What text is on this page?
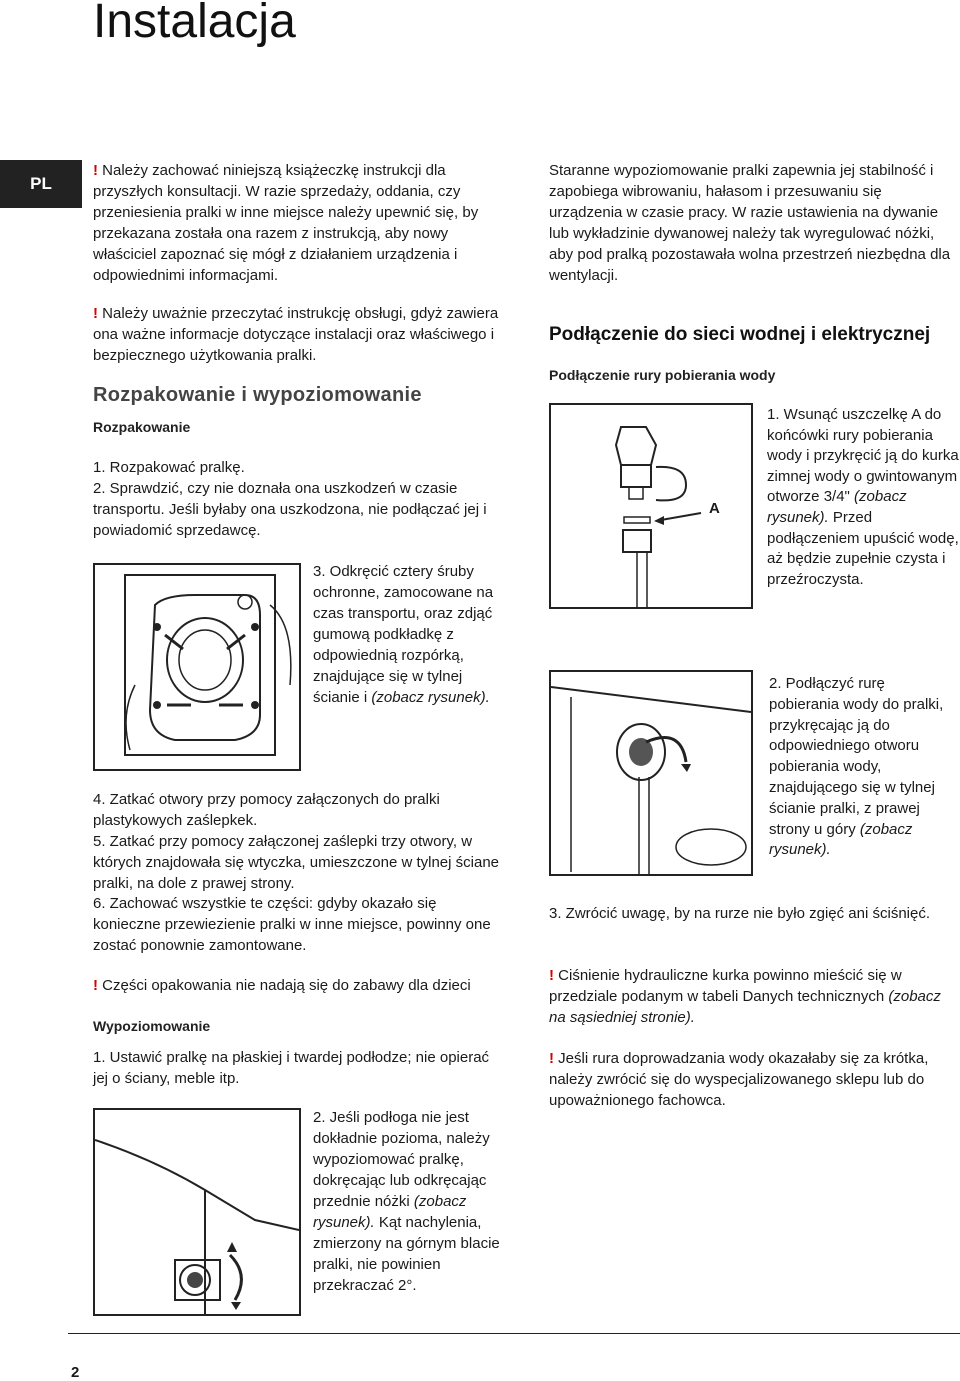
Instalacja
PL

! Należy zachować niniejszą książeczkę instrukcji dla przyszłych konsultacji. W razie sprzedaży, oddania, czy przeniesienia pralki w inne miejsce należy upewnić się, by przekazana została ona razem z instrukcją, aby nowy właściciel zapoznać się mógł z działaniem urządzenia i odpowiednimi informacjami.

! Należy uważnie przeczytać instrukcję obsługi, gdyż zawiera ona ważne informacje dotyczące instalacji oraz właściwego i bezpiecznego użytkowania pralki.

Rozpakowanie i wypoziomowanie
Rozpakowanie

1. Rozpakować pralkę.

2. Sprawdzić, czy nie doznała ona uszkodzeń w czasie transportu. Jeśli byłaby ona uszkodzona, nie podłączać jej i powiadomić sprzedawcę.

3. Odkręcić cztery śruby ochronne, zamocowane na czas transportu, oraz zdjąć gumową podkładkę z odpowiednią rozpórką, znajdujące się w tylnej ścianie i (zobacz rysunek).

4. Zatkać otwory przy pomocy załączonych do pralki plastykowych zaślepkek.

5. Zatkać przy pomocy załączonej zaślepki trzy otwory, w których znajdowała się wtyczka, umieszczone w tylnej ściane pralki, na dole z prawej strony.

6. Zachować wszystkie te części: gdyby okazało się konieczne przewiezienie pralki w inne miejsce, powinny one zostać ponownie zamontowane.

! Części opakowania nie nadają się do zabawy dla dzieci

Wypoziomowanie

1. Ustawić pralkę na płaskiej i twardej podłodze; nie opierać jej o ściany, meble itp.

2. Jeśli podłoga nie jest dokładnie pozioma, należy wypoziomować pralkę, dokręcając lub odkręcając przednie nóżki (zobacz rysunek). Kąt nachylenia, zmierzony na górnym blacie pralki, nie powinien przekraczać 2°.

Staranne wypoziomowanie pralki zapewnia jej stabilność i zapobiega wibrowaniu, hałasom i przesuwaniu się urządzenia w czasie pracy. W razie ustawienia na dywanie lub wykładzinie dywanowej należy tak wyregulować nóżki, aby pod pralką pozostawała wolna przestrzeń niezbędna dla wentylacji.

Podłączenie do sieci wodnej i elektrycznej
Podłączenie rury pobierania wody
A

1. Wsunąć uszczelkę A do końcówki rury pobierania wody i przykręcić ją do kurka zimnej wody o gwintowanym otworze 3/4" (zobacz rysunek). Przed podłączeniem upuścić wodę, aż będzie zupełnie czysta i przeźroczysta.

2. Podłączyć rurę pobierania wody do pralki, przykręcając ją do odpowiedniego otworu pobierania wody, znajdującego się w tylnej ścianie pralki, z prawej strony u góry (zobacz rysunek).

3. Zwrócić uwagę, by na rurze nie było zgięć ani ściśnięć.

! Ciśnienie hydrauliczne kurka powinno mieścić się w przedziale podanym w tabeli Danych technicznych (zobacz na sąsiedniej stronie).

! Jeśli rura doprowadzania wody okazałaby się za krótka, należy zwrócić się do wyspecjalizowanego sklepu lub do upoważnionego fachowca.

2
